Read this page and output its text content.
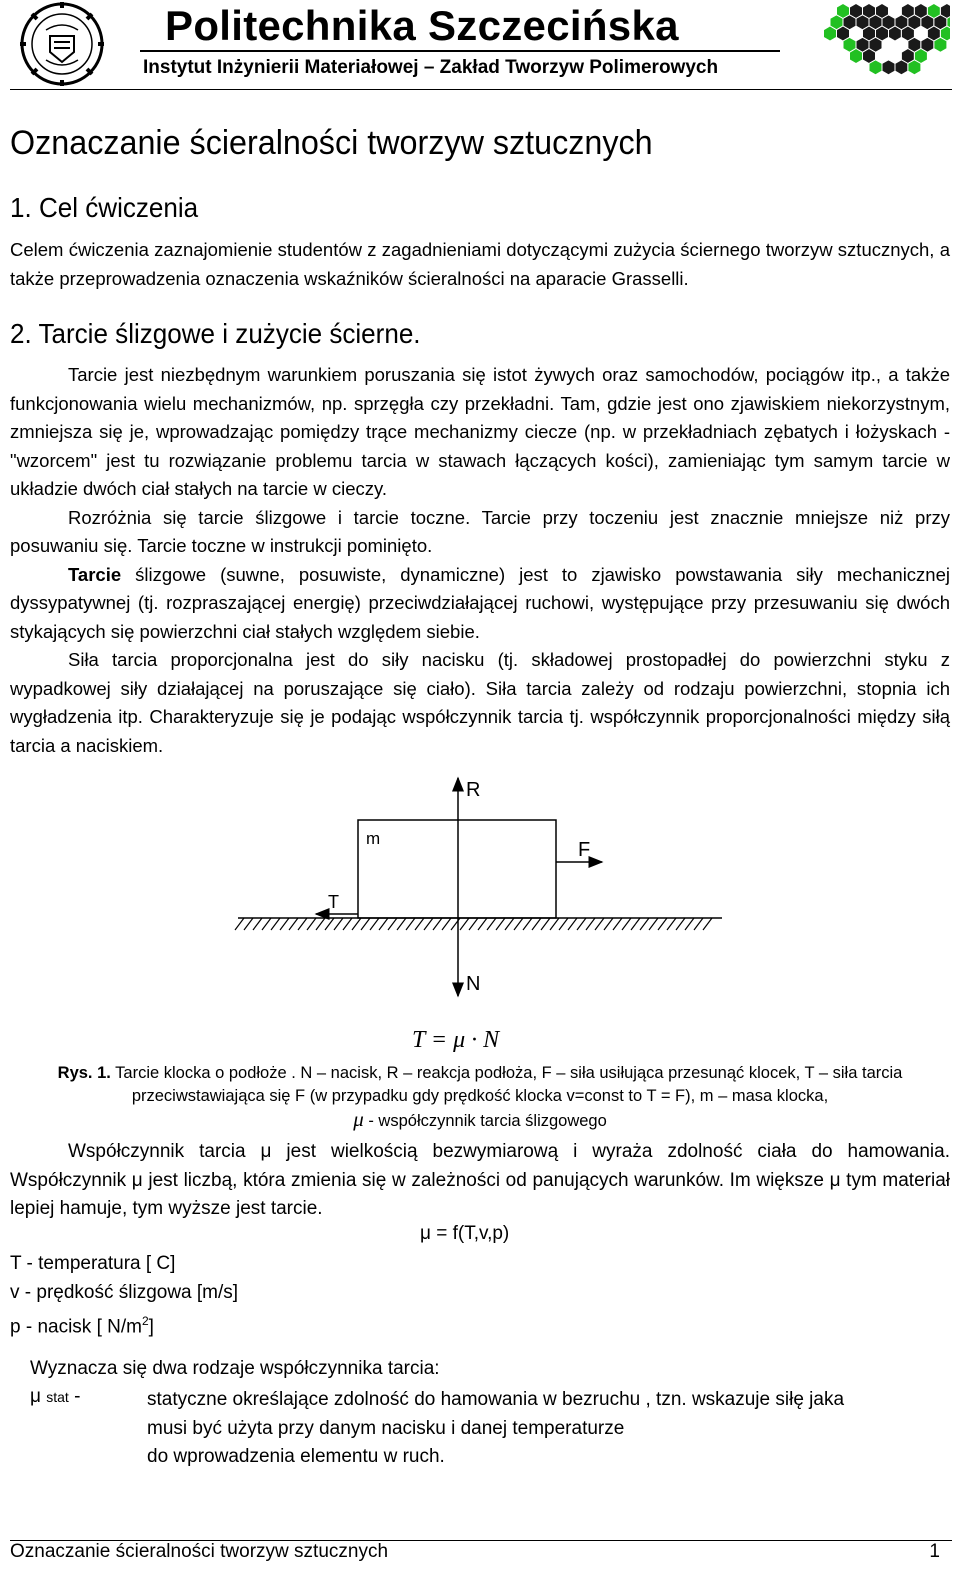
Politechnika Szczecińska
Instytut Inżynierii Materiałowej – Zakład Tworzyw Polimerowych
Oznaczanie ścieralności tworzyw sztucznych
1. Cel ćwiczenia

Celem ćwiczenia zaznajomienie studentów z zagadnieniami dotyczącymi zużycia ściernego tworzyw sztucznych, a także przeprowadzenia oznaczenia wskaźników ścieralności na aparacie Grasselli.

2. Tarcie ślizgowe i zużycie ścierne.

Tarcie jest niezbędnym warunkiem poruszania się istot żywych oraz samochodów, pociągów itp., a także funkcjonowania wielu mechanizmów, np. sprzęgła czy przekładni. Tam, gdzie jest ono zjawiskiem niekorzystnym, zmniejsza się je, wprowadzając pomiędzy trące mechanizmy ciecze (np. w przekładniach zębatych i łożyskach - "wzorcem" jest tu rozwiązanie problemu tarcia w stawach łączących kości), zamieniając tym samym tarcie w układzie dwóch ciał stałych na tarcie w cieczy.

Rozróżnia się tarcie ślizgowe i tarcie toczne. Tarcie przy toczeniu jest znacznie mniejsze niż przy posuwaniu się. Tarcie toczne w instrukcji pominięto.

Tarcie ślizgowe (suwne, posuwiste, dynamiczne) jest to zjawisko powstawania siły mechanicznej dyssypatywnej (tj. rozpraszającej energię) przeciwdziałającej ruchowi, występujące przy przesuwaniu się dwóch stykających się powierzchni ciał stałych względem siebie.

Siła tarcia proporcjonalna jest do siły nacisku (tj. składowej prostopadłej do powierzchni styku z wypadkowej siły działającej na poruszające się ciało). Siła tarcia zależy od rodzaju powierzchni, stopnia ich wygładzenia itp. Charakteryzuje się je podając współczynnik tarcia tj. współczynnik proporcjonalności między siłą tarcia a naciskiem.

R
m
F
T
N
T = μ · N

Rys. 1. Tarcie klocka o podłoże . N – nacisk, R – reakcja podłoża, F – siła usiłująca przesunąć klocek, T – siła tarcia

przeciwstawiająca się F (w przypadku gdy prędkość klocka v=const to T = F), m – masa klocka,

μ - współczynnik tarcia ślizgowego

Współczynnik tarcia μ jest wielkością bezwymiarową i wyraża zdolność ciała do hamowania. Współczynnik μ jest liczbą, która zmienia się w zależności od panujących warunków. Im większe μ tym materiał lepiej hamuje, tym wyższe jest tarcie.

μ = f(T,v,p)

T - temperatura [ C]

v - prędkość ślizgowa [m/s]

p - nacisk [ $N/m^2$]

Wyznacza się dwa rodzaje współczynnika tarcia:
μ stat -	statyczne określające zdolność do hamowania w bezruchu , tzn. wskazuje siłę jaka
musi być użyta przy danym nacisku i danej temperaturze
do wprowadzenia elementu w ruch.
Oznaczanie ścieralności tworzyw sztucznych	1
